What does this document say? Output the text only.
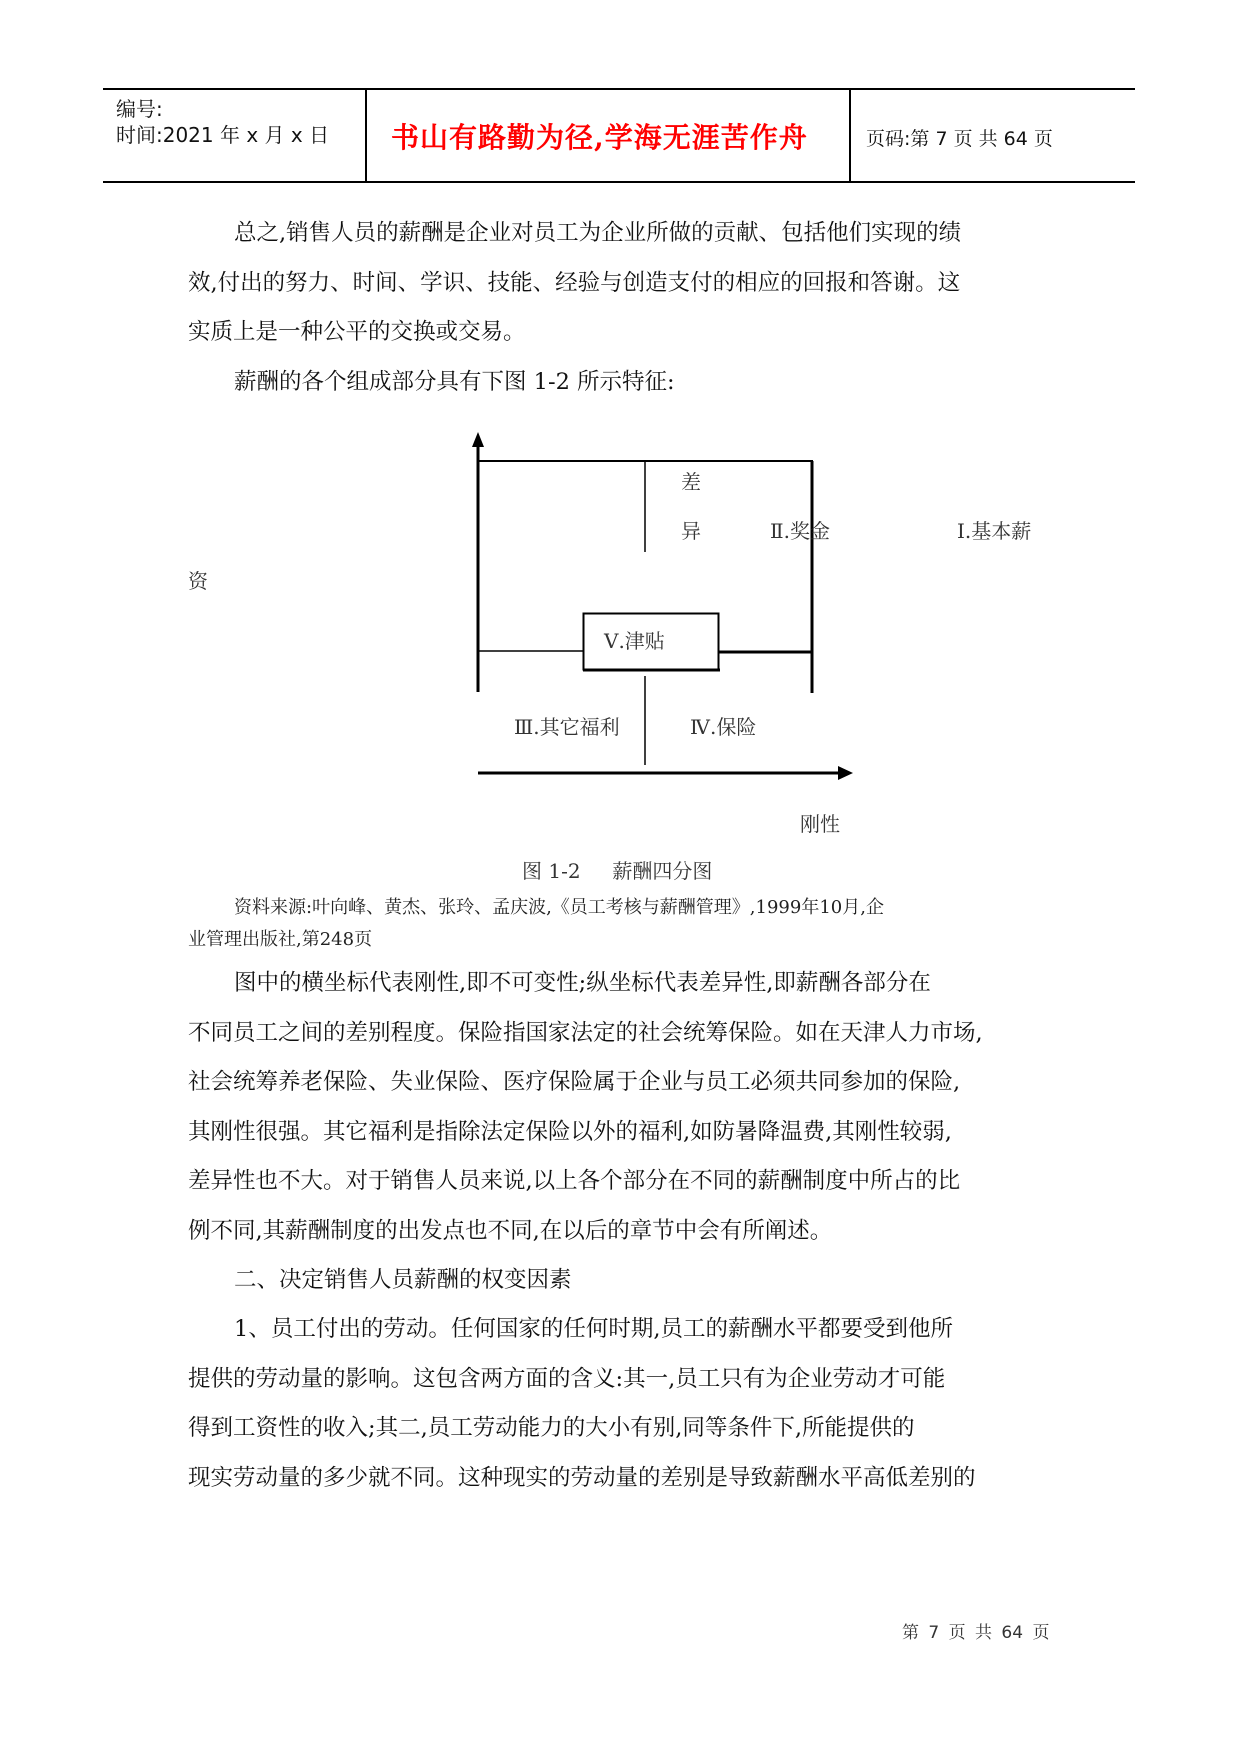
编号:
时间:2021 年 x 月 x 日 书山有路勤为径,学海无涯苦作舟	页码:第 7 页 共 64 页
总之,销售人员的薪酬是企业对员工为企业所做的贡献、包括他们实现的绩
效,付出的努力、时间、学识、技能、经验与创造支付的相应的回报和答谢。这
实质上是一种公平的交换或交易。
薪酬的各个组成部分具有下图 1-2 所示特征:
差
异	Ⅱ.奖金	Ⅰ.基本薪
资
Ⅴ.津贴
Ⅲ.其它福利	Ⅳ.保险
刚性
图 1-2     薪酬四分图
资料来源:叶向峰、黄杰、张玲、孟庆波,《员工考核与薪酬管理》,1999年10月,企
业管理出版社,第248页
图中的横坐标代表刚性,即不可变性;纵坐标代表差异性,即薪酬各部分在
不同员工之间的差别程度。保险指国家法定的社会统筹保险。如在天津人力市场,
社会统筹养老保险、失业保险、医疗保险属于企业与员工必须共同参加的保险,
其刚性很强。其它福利是指除法定保险以外的福利,如防暑降温费,其刚性较弱,
差异性也不大。对于销售人员来说,以上各个部分在不同的薪酬制度中所占的比
例不同,其薪酬制度的出发点也不同,在以后的章节中会有所阐述。
二、决定销售人员薪酬的权变因素
1、员工付出的劳动。任何国家的任何时期,员工的薪酬水平都要受到他所
提供的劳动量的影响。这包含两方面的含义:其一,员工只有为企业劳动才可能
得到工资性的收入;其二,员工劳动能力的大小有别,同等条件下,所能提供的
现实劳动量的多少就不同。这种现实的劳动量的差别是导致薪酬水平高低差别的
第 7 页 共 64 页
